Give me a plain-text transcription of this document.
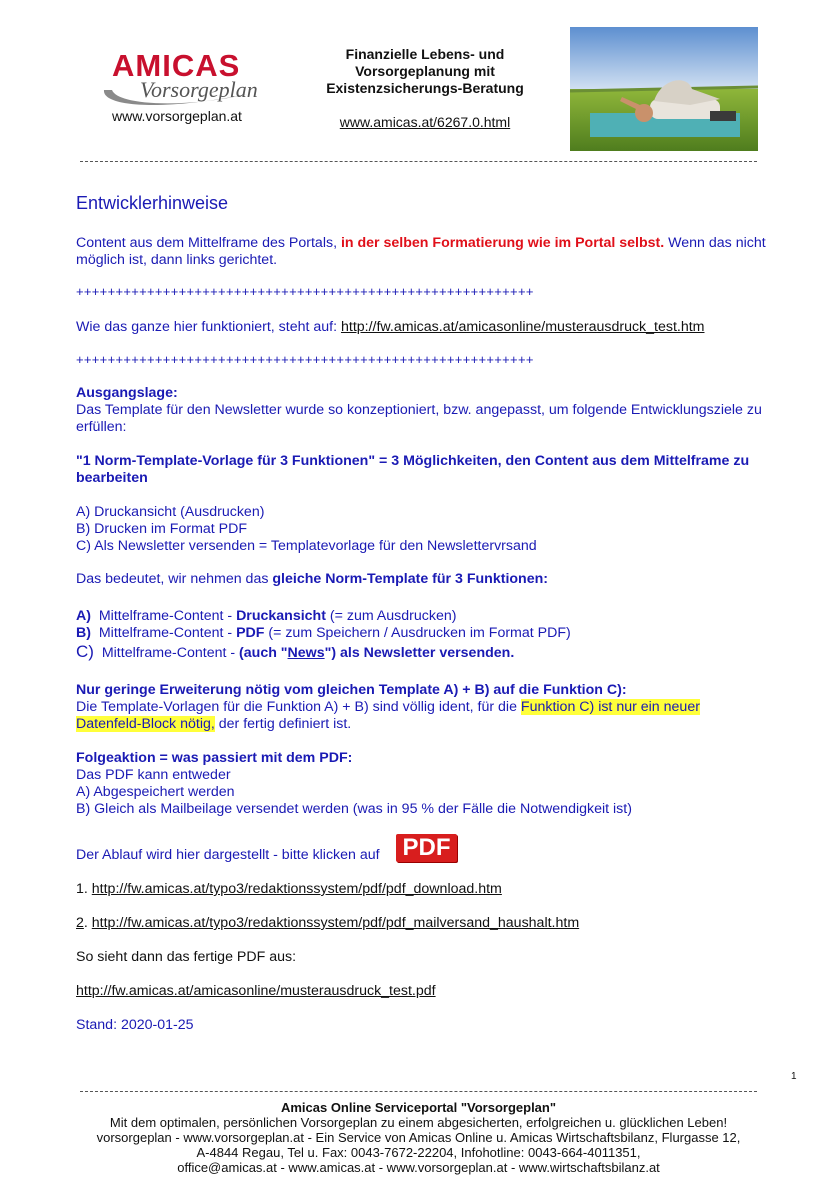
AMICAS
Vorsorgeplan
www.vorsorgeplan.at
Finanzielle Lebens- und
Vorsorgeplanung mit
Existenzsicherungs-Beratung
www.amicas.at/6267.0.html
Entwicklerhinweise
Content aus dem Mittelframe des Portals, in der selben Formatierung wie im Portal selbst. Wenn das nicht möglich ist, dann links gerichtet.
++++++++++++++++++++++++++++++++++++++++++++++++++++++++++
Wie das ganze hier funktioniert, steht auf: http://fw.amicas.at/amicasonline/musterausdruck_test.htm
++++++++++++++++++++++++++++++++++++++++++++++++++++++++++
Ausgangslage:
Das Template für den Newsletter wurde so konzeptioniert, bzw. angepasst, um folgende Entwicklungsziele zu erfüllen:
"1 Norm-Template-Vorlage für 3 Funktionen" = 3 Möglichkeiten, den Content aus dem Mittelframe zu bearbeiten
A) Druckansicht (Ausdrucken)
B) Drucken im Format PDF
C) Als Newsletter versenden = Templatevorlage für den Newslettervrsand
Das bedeutet, wir nehmen das gleiche Norm-Template für 3 Funktionen:
A)  Mittelframe-Content - Druckansicht (= zum Ausdrucken)
B)  Mittelframe-Content - PDF (= zum Speichern / Ausdrucken im Format PDF)
C)  Mittelframe-Content - (auch "News") als Newsletter versenden.
Nur geringe Erweiterung nötig vom gleichen Template A) + B) auf die Funktion C):
Die Template-Vorlagen für die Funktion A) + B) sind völlig ident, für die Funktion C) ist nur ein neuer Datenfeld-Block nötig, der fertig definiert ist.
Folgeaktion = was passiert mit dem PDF:
Das PDF kann entweder
A) Abgespeichert werden
B) Gleich als Mailbeilage versendet werden (was in 95 % der Fälle die Notwendigkeit ist)
Der Ablauf wird hier dargestellt - bitte klicken auf PDF
1. http://fw.amicas.at/typo3/redaktionssystem/pdf/pdf_download.htm
2. http://fw.amicas.at/typo3/redaktionssystem/pdf/pdf_mailversand_haushalt.htm
So sieht dann das fertige PDF aus:
http://fw.amicas.at/amicasonline/musterausdruck_test.pdf
Stand: 2020-01-25
1
Amicas Online Serviceportal "Vorsorgeplan"
Mit dem optimalen, persönlichen Vorsorgeplan zu einem abgesicherten, erfolgreichen u. glücklichen Leben!
vorsorgeplan - www.vorsorgeplan.at - Ein Service von Amicas Online u. Amicas Wirtschaftsbilanz, Flurgasse 12,
A-4844 Regau, Tel u. Fax: 0043-7672-22204, Infohotline: 0043-664-4011351,
office@amicas.at - www.amicas.at - www.vorsorgeplan.at - www.wirtschaftsbilanz.at
